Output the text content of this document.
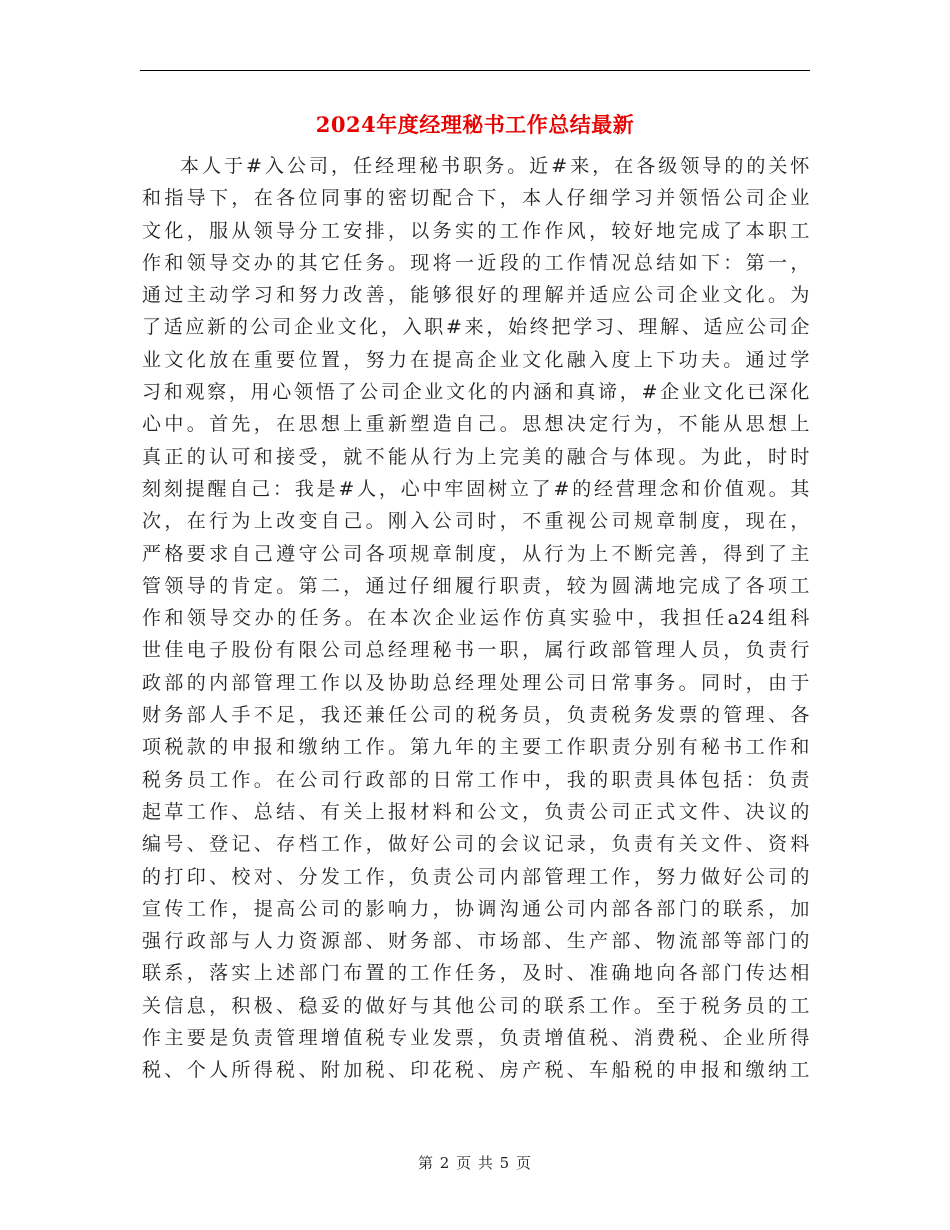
2024年度经理秘书工作总结最新
本人于#入公司，任经理秘书职务。近#来，在各级领导的的关怀
和指导下，在各位同事的密切配合下，本人仔细学习并领悟公司企业
文化，服从领导分工安排，以务实的工作作风，较好地完成了本职工
作和领导交办的其它任务。现将一近段的工作情况总结如下：第一，
通过主动学习和努力改善，能够很好的理解并适应公司企业文化。为
了适应新的公司企业文化，入职#来，始终把学习、理解、适应公司企
业文化放在重要位置，努力在提高企业文化融入度上下功夫。通过学
习和观察，用心领悟了公司企业文化的内涵和真谛，#企业文化已深化
心中。首先，在思想上重新塑造自己。思想决定行为，不能从思想上
真正的认可和接受，就不能从行为上完美的融合与体现。为此，时时
刻刻提醒自己：我是#人，心中牢固树立了#的经营理念和价值观。其
次，在行为上改变自己。刚入公司时，不重视公司规章制度，现在，
严格要求自己遵守公司各项规章制度，从行为上不断完善，得到了主
管领导的肯定。第二，通过仔细履行职责，较为圆满地完成了各项工
作和领导交办的任务。在本次企业运作仿真实验中，我担任a24组科
世佳电子股份有限公司总经理秘书一职，属行政部管理人员，负责行
政部的内部管理工作以及协助总经理处理公司日常事务。同时，由于
财务部人手不足，我还兼任公司的税务员，负责税务发票的管理、各
项税款的申报和缴纳工作。第九年的主要工作职责分别有秘书工作和
税务员工作。在公司行政部的日常工作中，我的职责具体包括：负责
起草工作、总结、有关上报材料和公文，负责公司正式文件、决议的
编号、登记、存档工作，做好公司的会议记录，负责有关文件、资料
的打印、校对、分发工作，负责公司内部管理工作，努力做好公司的
宣传工作，提高公司的影响力，协调沟通公司内部各部门的联系，加
强行政部与人力资源部、财务部、市场部、生产部、物流部等部门的
联系，落实上述部门布置的工作任务，及时、准确地向各部门传达相
关信息，积极、稳妥的做好与其他公司的联系工作。至于税务员的工
作主要是负责管理增值税专业发票，负责增值税、消费税、企业所得
税、个人所得税、附加税、印花税、房产税、车船税的申报和缴纳工
第 2 页 共 5 页
